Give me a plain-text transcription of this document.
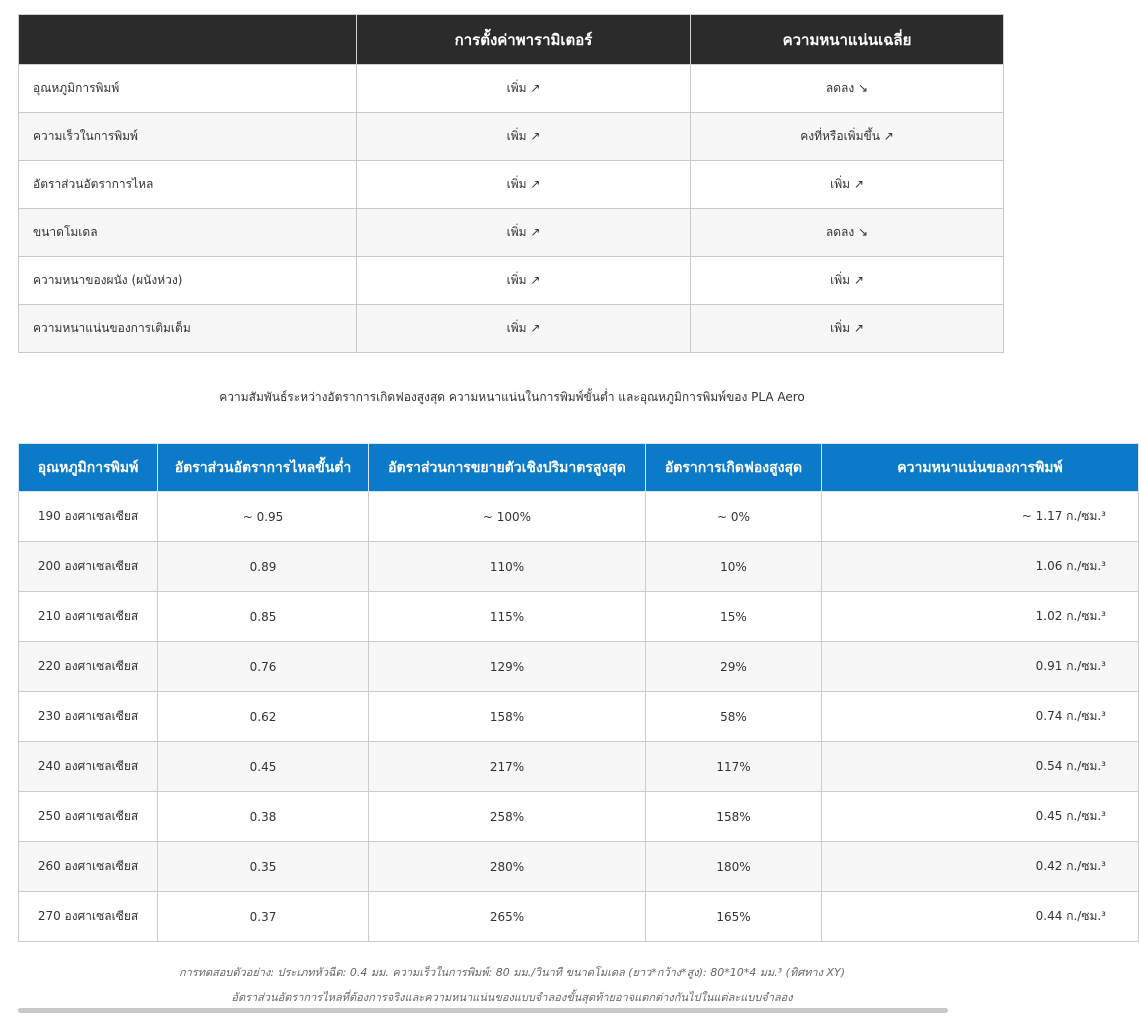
	การตั้งค่าพารามิเตอร์	ความหนาแน่นเฉลี่ย
อุณหภูมิการพิมพ์	เพิ่ม ↗	ลดลง ↘
ความเร็วในการพิมพ์	เพิ่ม ↗	คงที่หรือเพิ่มขึ้น ↗
อัตราส่วนอัตราการไหล	เพิ่ม ↗	เพิ่ม ↗
ขนาดโมเดล	เพิ่ม ↗	ลดลง ↘
ความหนาของผนัง (ผนังห่วง)	เพิ่ม ↗	เพิ่ม ↗
ความหนาแน่นของการเติมเต็ม	เพิ่ม ↗	เพิ่ม ↗
ความสัมพันธ์ระหว่างอัตราการเกิดฟองสูงสุด ความหนาแน่นในการพิมพ์ขั้นต่ำ และอุณหภูมิการพิมพ์ของ PLA Aero
อุณหภูมิการพิมพ์	อัตราส่วนอัตราการไหลขั้นต่ำ	อัตราส่วนการขยายตัวเชิงปริมาตรสูงสุด	อัตราการเกิดฟองสูงสุด	ความหนาแน่นของการพิมพ์
190 องศาเซลเซียส	~ 0.95	~ 100%	~ 0%	~ 1.17 ก./ซม.³
200 องศาเซลเซียส	0.89	110%	10%	1.06 ก./ซม.³
210 องศาเซลเซียส	0.85	115%	15%	1.02 ก./ซม.³
220 องศาเซลเซียส	0.76	129%	29%	0.91 ก./ซม.³
230 องศาเซลเซียส	0.62	158%	58%	0.74 ก./ซม.³
240 องศาเซลเซียส	0.45	217%	117%	0.54 ก./ซม.³
250 องศาเซลเซียส	0.38	258%	158%	0.45 ก./ซม.³
260 องศาเซลเซียส	0.35	280%	180%	0.42 ก./ซม.³
270 องศาเซลเซียส	0.37	265%	165%	0.44 ก./ซม.³
การทดสอบตัวอย่าง: ประเภทหัวฉีด: 0.4 มม. ความเร็วในการพิมพ์: 80 มม./วินาที ขนาดโมเดล (ยาว*กว้าง*สูง): 80*10*4 มม.³ (ทิศทาง XY)
อัตราส่วนอัตราการไหลที่ต้องการจริงและความหนาแน่นของแบบจำลองขั้นสุดท้ายอาจแตกต่างกันไปในแต่ละแบบจำลอง
